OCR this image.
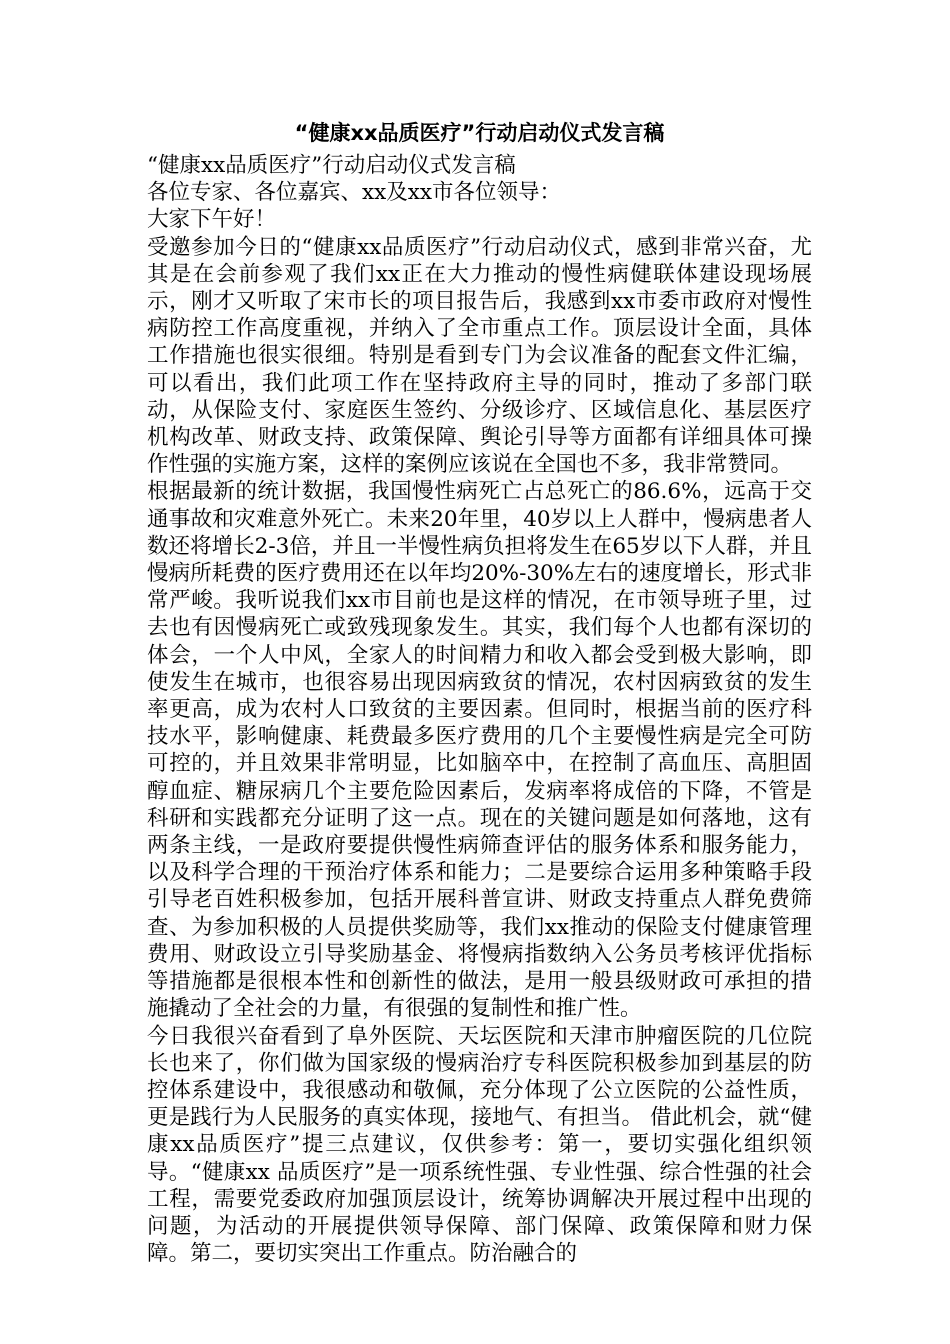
“健康xx品质医疗”行动启动仪式发言稿

“健康xx品质医疗”行动启动仪式发言稿

各位专家、各位嘉宾、xx及xx市各位领导：

大家下午好！

受邀参加今日的“健康xx品质医疗”行动启动仪式，感到非常兴奋，尤其是在会前参观了我们xx正在大力推动的慢性病健联体建设现场展示，刚才又听取了宋市长的项目报告后，我感到xx市委市政府对慢性病防控工作高度重视，并纳入了全市重点工作。顶层设计全面，具体工作措施也很实很细。特别是看到专门为会议准备的配套文件汇编，可以看出，我们此项工作在坚持政府主导的同时，推动了多部门联动，从保险支付、家庭医生签约、分级诊疗、区域信息化、基层医疗机构改革、财政支持、政策保障、舆论引导等方面都有详细具体可操作性强的实施方案，这样的案例应该说在全国也不多，我非常赞同。

根据最新的统计数据，我国慢性病死亡占总死亡的86.6%，远高于交通事故和灾难意外死亡。未来20年里，40岁以上人群中，慢病患者人数还将增长2-3倍，并且一半慢性病负担将发生在65岁以下人群，并且慢病所耗费的医疗费用还在以年均20%-30%左右的速度增长，形式非常严峻。我听说我们xx市目前也是这样的情况，在市领导班子里，过去也有因慢病死亡或致残现象发生。其实，我们每个人也都有深切的体会，一个人中风，全家人的时间精力和收入都会受到极大影响，即使发生在城市，也很容易出现因病致贫的情况，农村因病致贫的发生率更高，成为农村人口致贫的主要因素。但同时，根据当前的医疗科技水平，影响健康、耗费最多医疗费用的几个主要慢性病是完全可防可控的，并且效果非常明显，比如脑卒中，在控制了高血压、高胆固醇血症、糖尿病几个主要危险因素后，发病率将成倍的下降，不管是科研和实践都充分证明了这一点。现在的关键问题是如何落地，这有两条主线，一是政府要提供慢性病筛查评估的服务体系和服务能力，以及科学合理的干预治疗体系和能力；二是要综合运用多种策略手段引导老百姓积极参加，包括开展科普宣讲、财政支持重点人群免费筛查、为参加积极的人员提供奖励等，我们xx推动的保险支付健康管理费用、财政设立引导奖励基金、将慢病指数纳入公务员考核评优指标等措施都是很根本性和创新性的做法，是用一般县级财政可承担的措施撬动了全社会的力量，有很强的复制性和推广性。

今日我很兴奋看到了阜外医院、天坛医院和天津市肿瘤医院的几位院长也来了，你们做为国家级的慢病治疗专科医院积极参加到基层的防控体系建设中，我很感动和敬佩，充分体现了公立医院的公益性质，更是践行为人民服务的真实体现，接地气、有担当。 借此机会，就“健康xx品质医疗”提三点建议，仅供参考：第一，要切实强化组织领导。“健康xx 品质医疗”是一项系统性强、专业性强、综合性强的社会工程，需要党委政府加强顶层设计，统筹协调解决开展过程中出现的问题，为活动的开展提供领导保障、部门保障、政策保障和财力保障。第二，要切实突出工作重点。防治融合的
